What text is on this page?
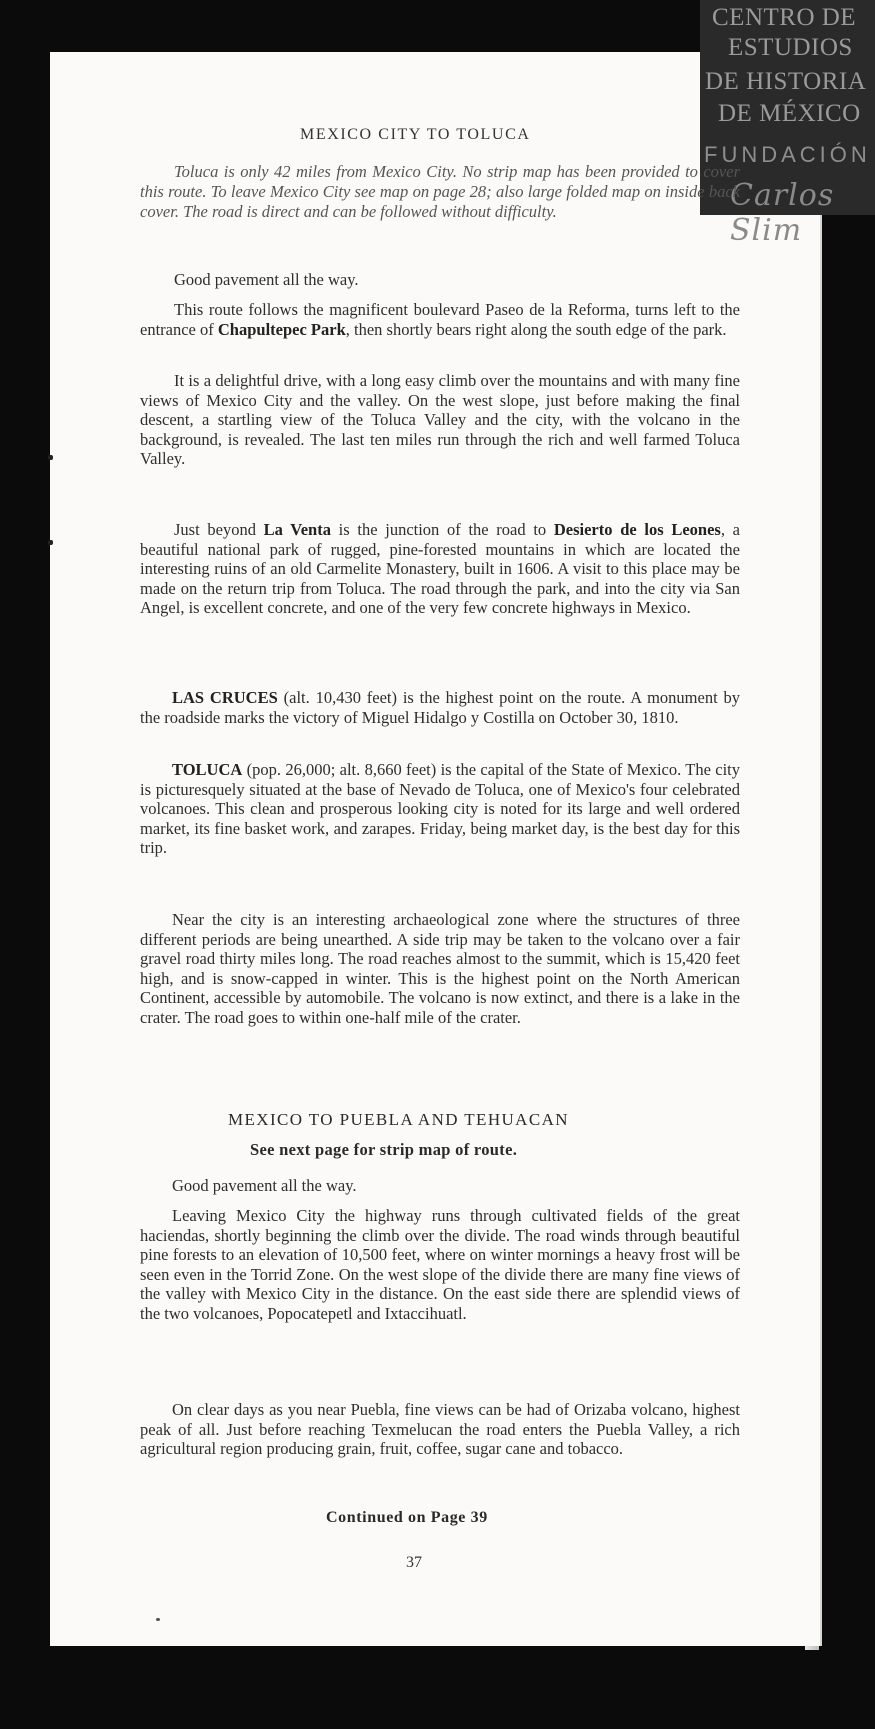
CENTRO DE
ESTUDIOS
DE HISTORIA
DE MÉXICO
FUNDACIÓN
Carlos Slim
MEXICO CITY TO TOLUCA

Toluca is only 42 miles from Mexico City. No strip map has been provided to cover this route. To leave Mexico City see map on page 28; also large folded map on inside back cover. The road is direct and can be followed without difficulty.

Good pavement all the way.

This route follows the magnificent boulevard Paseo de la Reforma, turns left to the entrance of Chapultepec Park, then shortly bears right along the south edge of the park.

It is a delightful drive, with a long easy climb over the mountains and with many fine views of Mexico City and the valley. On the west slope, just before making the final descent, a startling view of the Toluca Valley and the city, with the volcano in the background, is revealed. The last ten miles run through the rich and well farmed Toluca Valley.

Just beyond La Venta is the junction of the road to Desierto de los Leones, a beautiful national park of rugged, pine-forested mountains in which are located the interesting ruins of an old Carmelite Monastery, built in 1606. A visit to this place may be made on the return trip from Toluca. The road through the park, and into the city via San Angel, is excellent concrete, and one of the very few concrete highways in Mexico.

LAS CRUCES (alt. 10,430 feet) is the highest point on the route. A monument by the roadside marks the victory of Miguel Hidalgo y Costilla on October 30, 1810.

TOLUCA (pop. 26,000; alt. 8,660 feet) is the capital of the State of Mexico. The city is picturesquely situated at the base of Nevado de Toluca, one of Mexico's four celebrated volcanoes. This clean and prosperous looking city is noted for its large and well ordered market, its fine basket work, and zarapes. Friday, being market day, is the best day for this trip.

Near the city is an interesting archaeological zone where the structures of three different periods are being unearthed. A side trip may be taken to the volcano over a fair gravel road thirty miles long. The road reaches almost to the summit, which is 15,420 feet high, and is snow-capped in winter. This is the highest point on the North American Continent, accessible by automobile. The volcano is now extinct, and there is a lake in the crater. The road goes to within one-half mile of the crater.

Good pavement all the way.

Leaving Mexico City the highway runs through cultivated fields of the great haciendas, shortly beginning the climb over the divide. The road winds through beautiful pine forests to an elevation of 10,500 feet, where on winter mornings a heavy frost will be seen even in the Torrid Zone. On the west slope of the divide there are many fine views of the valley with Mexico City in the distance. On the east side there are splendid views of the two volcanoes, Popocatepetl and Ixtaccihuatl.

On clear days as you near Puebla, fine views can be had of Orizaba volcano, highest peak of all. Just before reaching Texmelucan the road enters the Puebla Valley, a rich agricultural region producing grain, fruit, coffee, sugar cane and tobacco.

MEXICO TO PUEBLA AND TEHUACAN
See next page for strip map of route.
Continued on Page 39
37
